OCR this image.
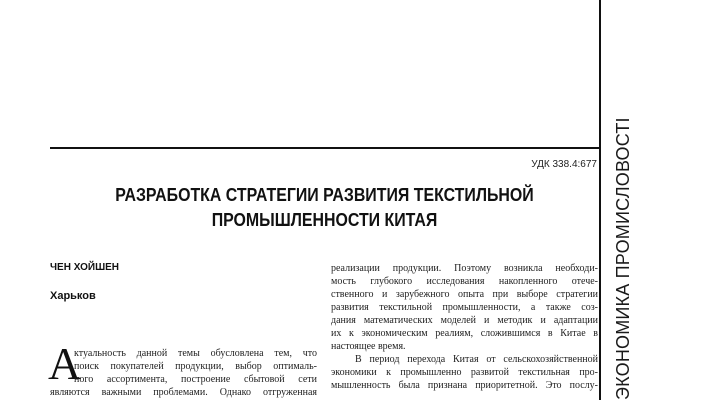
ЭКОНОМИКА ПРОМИСЛОВОСТІ
УДК 338.4:677
РАЗРАБОТКА СТРАТЕГИИ РАЗВИТИЯ ТЕКСТИЛЬНОЙ
ПРОМЫШЛЕННОСТИ КИТАЯ
ЧЕН ХОЙШЕН
Харьков
А
ктуальность данной темы обусловлена тем, что
поиск покупателей продукции, выбор оптималь-
ного ассортимента, построение сбытовой сети
являются важными проблемами. Однако отгруженная
реализации продукции. Поэтому возникла необходи-
мость глубокого исследования накопленного отече-
ственного и зарубежного опыта при выборе стратегии
развития текстильной промышленности, а также соз-
дания математических моделей и методик и адаптации
их к экономическим реалиям, сложившимся в Китае в
настоящее время.
В период перехода Китая от сельскохозяйственной
экономики к промышленно развитой текстильная про-
мышленность была признана приоритетной. Это послу-
